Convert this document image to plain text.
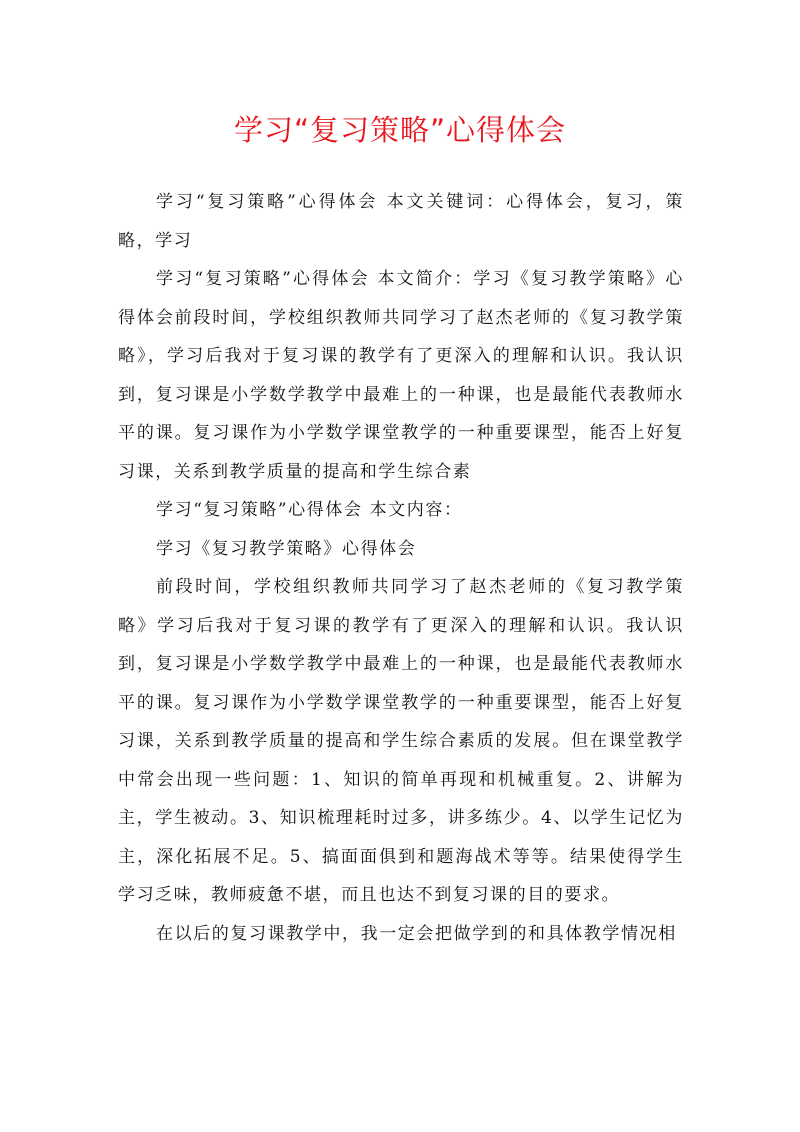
学习“复习策略”心得体会

学习“复习策略”心得体会 本文关键词：心得体会，复习，策略，学习

学习“复习策略”心得体会 本文简介：学习《复习教学策略》心得体会前段时间，学校组织教师共同学习了赵杰老师的《复习教学策略》，学习后我对于复习课的教学有了更深入的理解和认识。我认识到，复习课是小学数学教学中最难上的一种课，也是最能代表教师水平的课。复习课作为小学数学课堂教学的一种重要课型，能否上好复习课，关系到教学质量的提高和学生综合素

学习“复习策略”心得体会 本文内容：

学习《复习教学策略》心得体会

前段时间，学校组织教师共同学习了赵杰老师的《复习教学策略》学习后我对于复习课的教学有了更深入的理解和认识。我认识到，复习课是小学数学教学中最难上的一种课，也是最能代表教师水平的课。复习课作为小学数学课堂教学的一种重要课型，能否上好复习课，关系到教学质量的提高和学生综合素质的发展。但在课堂教学中常会出现一些问题：1、知识的简单再现和机械重复。2、讲解为主，学生被动。3、知识梳理耗时过多，讲多练少。4、以学生记忆为主，深化拓展不足。5、搞面面俱到和题海战术等等。结果使得学生学习乏味，教师疲惫不堪，而且也达不到复习课的目的要求。

在以后的复习课教学中，我一定会把做学到的和具体教学情况相
